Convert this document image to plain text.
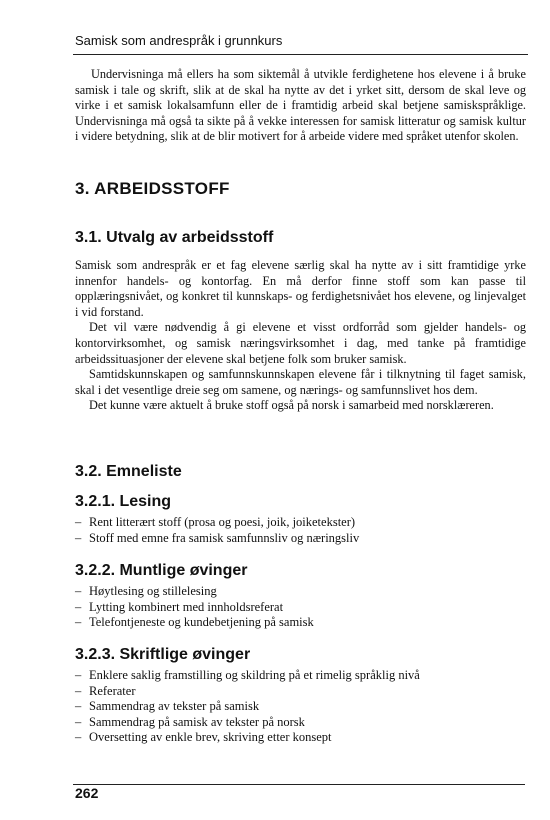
Samisk som andrespråk i grunnkurs

Undervisninga må ellers ha som siktemål å utvikle ferdighetene hos elevene i å bruke samisk i tale og skrift, slik at de skal ha nytte av det i yrket sitt, dersom de skal leve og virke i et samisk lokalsamfunn eller de i framtidig arbeid skal betjene samiskspråklige. Undervisninga må også ta sikte på å vekke interessen for samisk litteratur og samisk kultur i videre betydning, slik at de blir motivert for å arbeide videre med språket utenfor skolen.

3. ARBEIDSSTOFF
3.1. Utvalg av arbeidsstoff

Samisk som andrespråk er et fag elevene særlig skal ha nytte av i sitt framtidige yrke innenfor handels- og kontorfag. En må derfor finne stoff som kan passe til opplæringsnivået, og konkret til kunnskaps- og ferdighetsnivået hos elevene, og linjevalget i vid forstand.

Det vil være nødvendig å gi elevene et visst ordforråd som gjelder handels- og kontorvirksomhet, og samisk næringsvirksomhet i dag, med tanke på framtidige arbeidssituasjoner der elevene skal betjene folk som bruker samisk.

Samtidskunnskapen og samfunnskunnskapen elevene får i tilknytning til faget samisk, skal i det vesentlige dreie seg om samene, og nærings- og samfunnslivet hos dem.

Det kunne være aktuelt å bruke stoff også på norsk i samarbeid med norsklæreren.

3.2. Emneliste
3.2.1. Lesing
– Rent litterært stoff (prosa og poesi, joik, joiketekster)
– Stoff med emne fra samisk samfunnsliv og næringsliv
3.2.2. Muntlige øvinger
– Høytlesing og stillelesing
– Lytting kombinert med innholdsreferat
– Telefontjeneste og kundebetjening på samisk
3.2.3. Skriftlige øvinger
– Enklere saklig framstilling og skildring på et rimelig språklig nivå
– Referater
– Sammendrag av tekster på samisk
– Sammendrag på samisk av tekster på norsk
– Oversetting av enkle brev, skriving etter konsept
262
